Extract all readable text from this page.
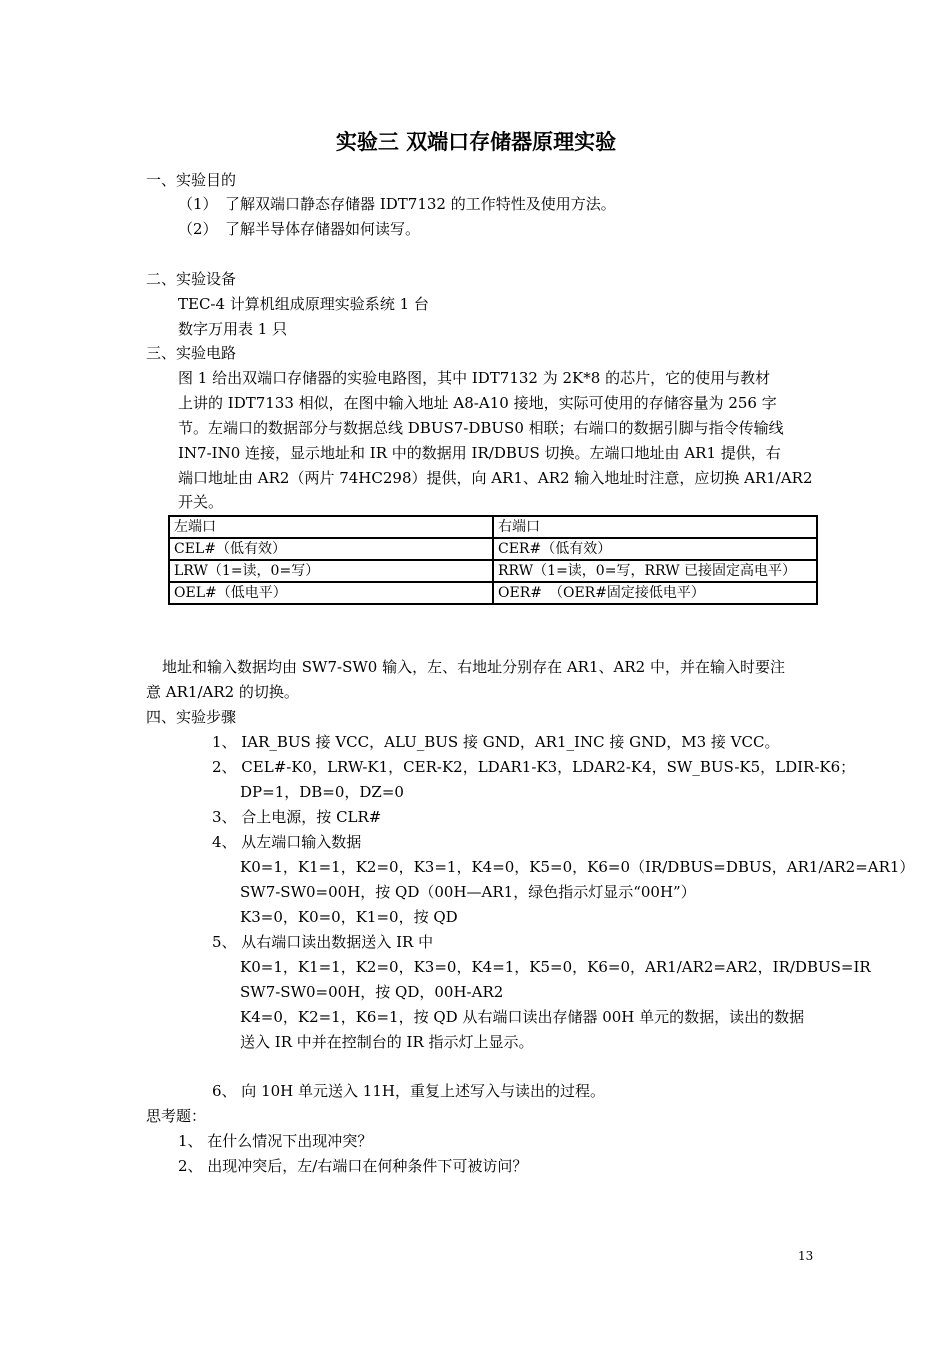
实验三 双端口存储器原理实验
一、实验目的
（1）　了解双端口静态存储器 IDT7132 的工作特性及使用方法。
（2）　了解半导体存储器如何读写。
二、实验设备
TEC-4 计算机组成原理实验系统 1 台
数字万用表 1 只
三、实验电路
图 1 给出双端口存储器的实验电路图，其中 IDT7132 为 2K*8 的芯片，它的使用与教材
上讲的 IDT7133 相似，在图中输入地址 A8-A10 接地，实际可使用的存储容量为 256 字
节。左端口的数据部分与数据总线 DBUS7-DBUS0 相联；右端口的数据引脚与指令传输线
IN7-IN0 连接，显示地址和 IR 中的数据用 IR/DBUS 切换。左端口地址由 AR1 提供，右
端口地址由 AR2（两片 74HC298）提供，向 AR1、AR2 输入地址时注意，应切换 AR1/AR2
开关。
左端口	右端口
CEL#（低有效）	CER#（低有效）
LRW（1=读，0=写）	RRW（1=读，0=写，RRW 已接固定高电平）
OEL#（低电平）	OER#　（OER#固定接低电平）
地址和输入数据均由 SW7-SW0 输入，左、右地址分别存在 AR1、AR2 中，并在输入时要注
意 AR1/AR2 的切换。
四、实验步骤
1、 IAR_BUS 接 VCC，ALU_BUS 接 GND，AR1_INC 接 GND，M3 接 VCC。
2、 CEL#-K0，LRW-K1，CER-K2，LDAR1-K3，LDAR2-K4，SW_BUS-K5，LDIR-K6；
DP=1，DB=0，DZ=0
3、 合上电源，按 CLR#
4、 从左端口输入数据
K0=1，K1=1，K2=0，K3=1，K4=0，K5=0，K6=0（IR/DBUS=DBUS，AR1/AR2=AR1）
SW7-SW0=00H，按 QD（00H—AR1，绿色指示灯显示“00H”）
K3=0，K0=0，K1=0，按 QD
5、 从右端口读出数据送入 IR 中
K0=1，K1=1，K2=0，K3=0，K4=1，K5=0，K6=0，AR1/AR2=AR2，IR/DBUS=IR
SW7-SW0=00H，按 QD，00H-AR2
K4=0，K2=1，K6=1，按 QD 从右端口读出存储器 00H 单元的数据，读出的数据
送入 IR 中并在控制台的 IR 指示灯上显示。
6、 向 10H 单元送入 11H，重复上述写入与读出的过程。
思考题：
1、 在什么情况下出现冲突？
2、 出现冲突后，左/右端口在何种条件下可被访问？
13
